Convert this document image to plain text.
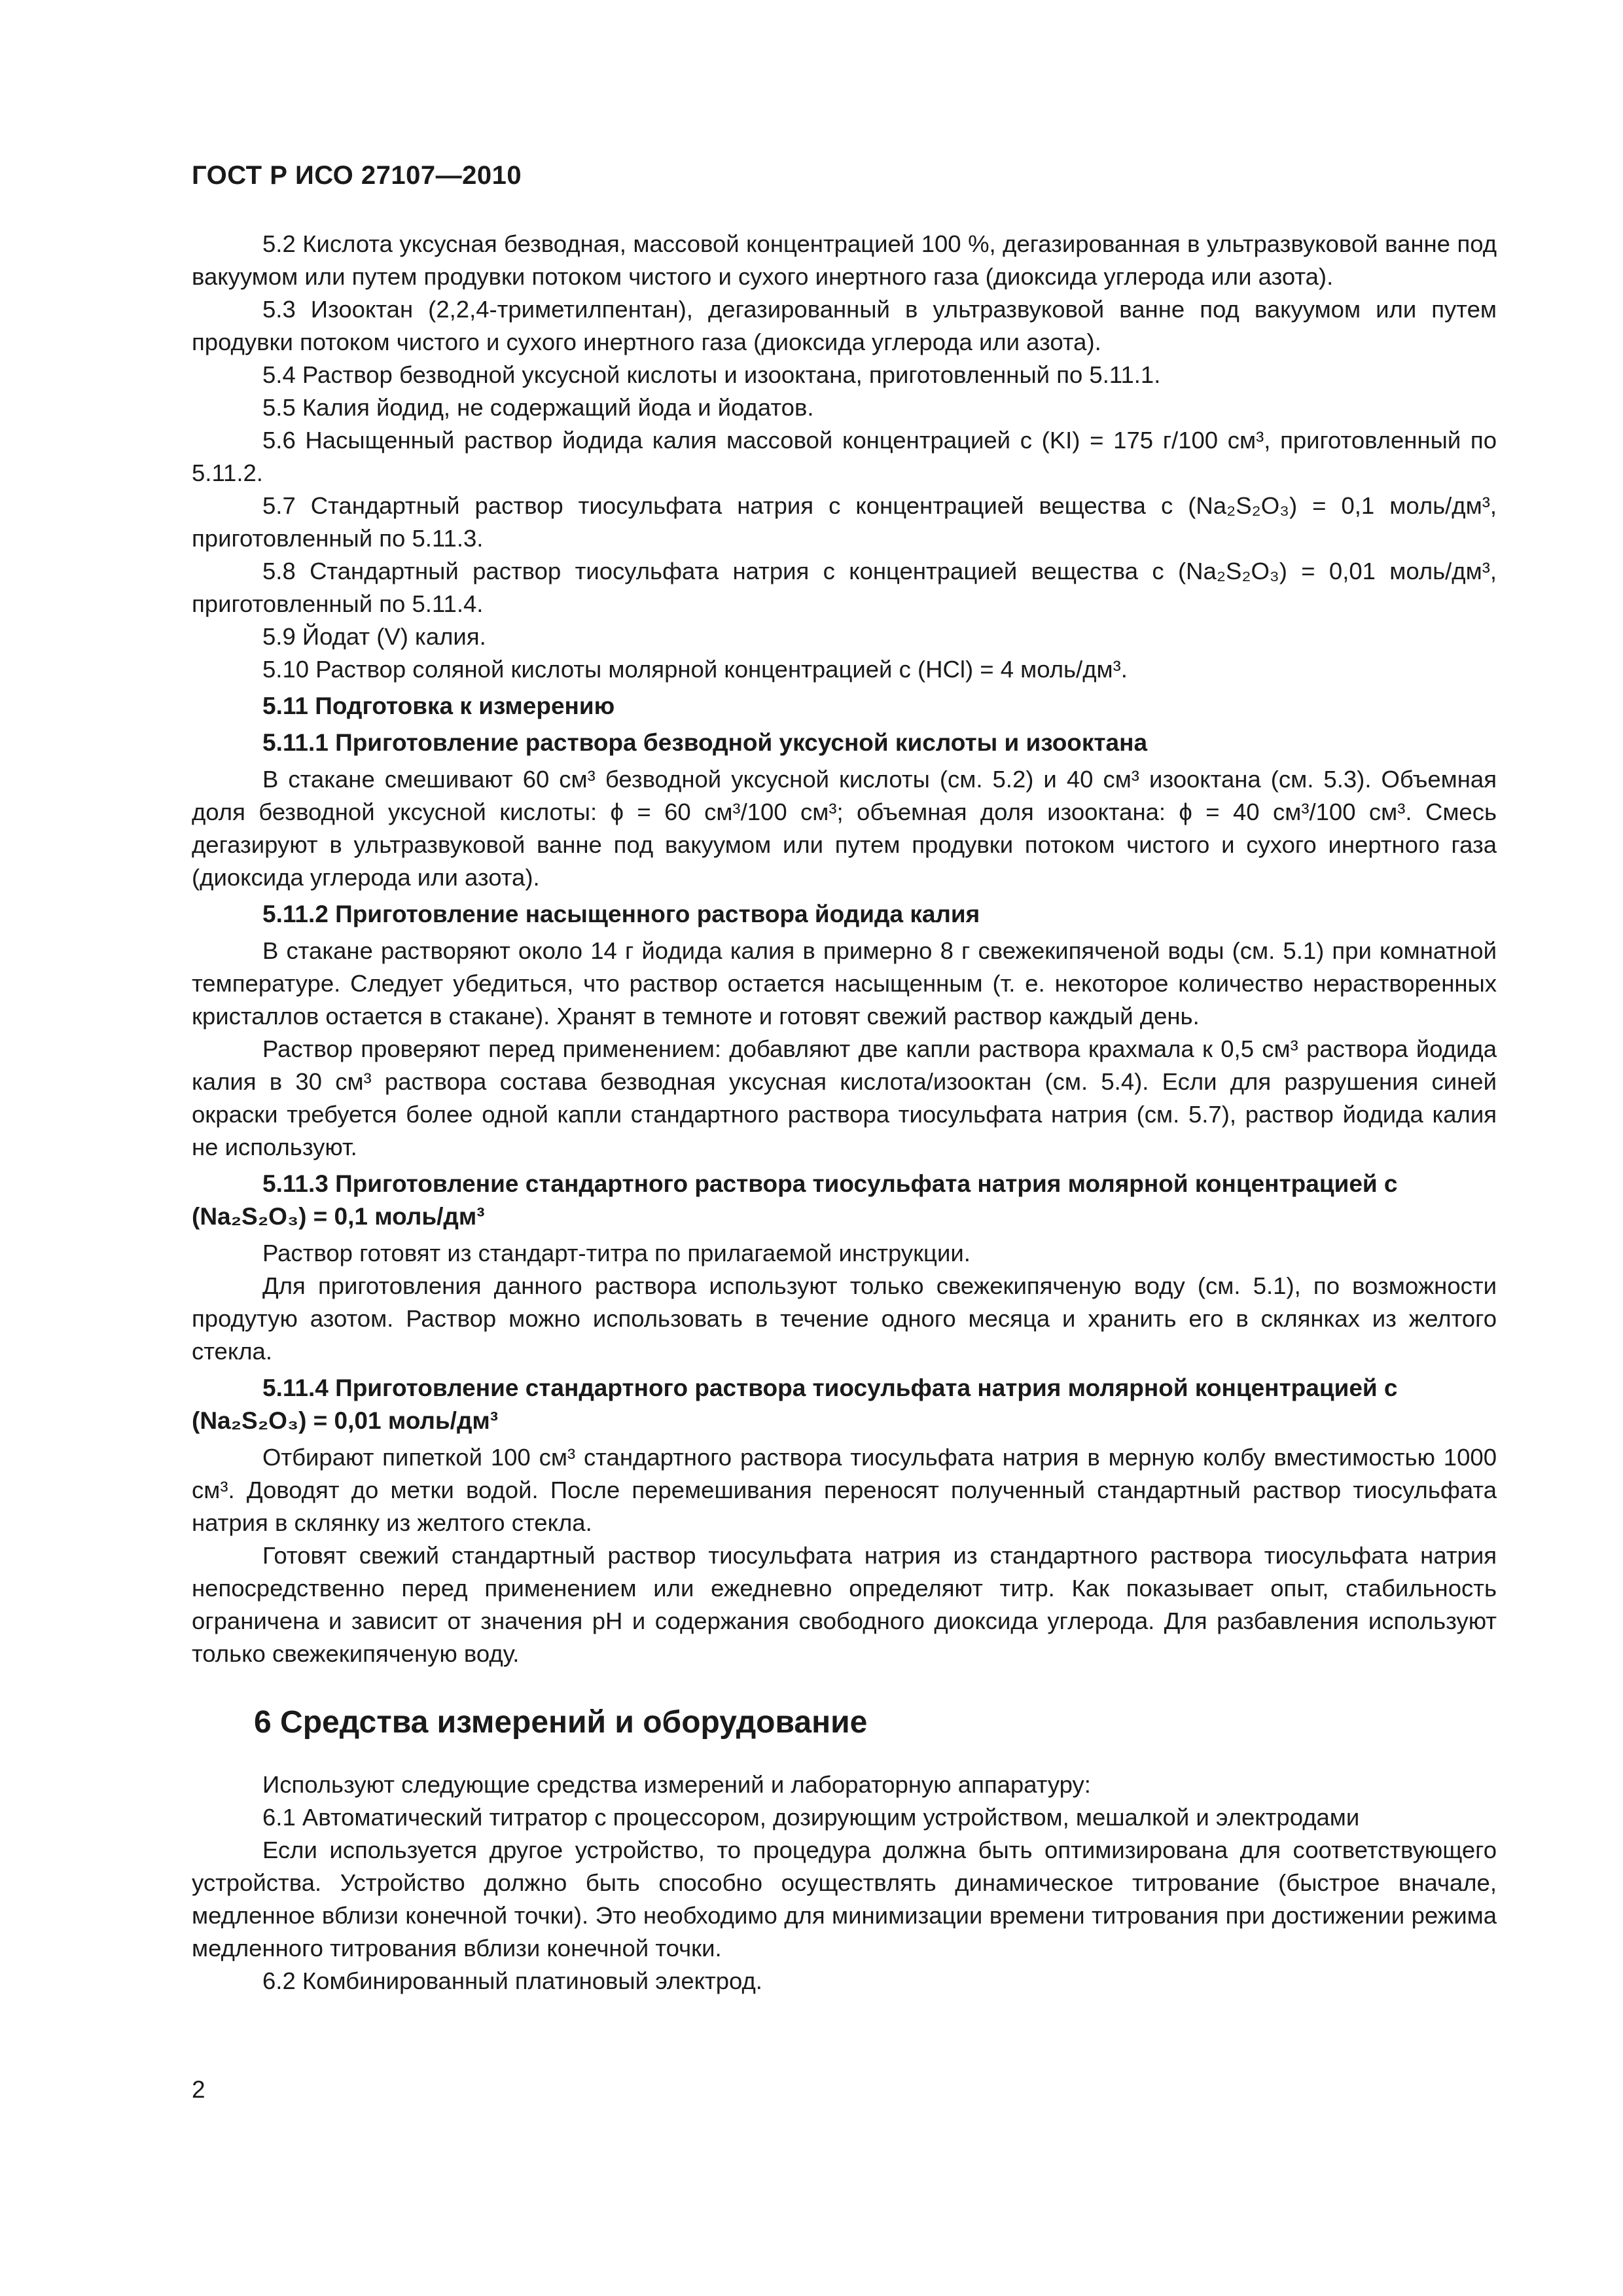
ГОСТ Р ИСО 27107—2010

5.2 Кислота уксусная безводная, массовой концентрацией 100 %, дегазированная в ультразвуковой ванне под вакуумом или путем продувки потоком чистого и сухого инертного газа (диоксида углерода или азота).

5.3 Изооктан (2,2,4-триметилпентан), дегазированный в ультразвуковой ванне под вакуумом или путем продувки потоком чистого и сухого инертного газа (диоксида углерода или азота).

5.4 Раствор безводной уксусной кислоты и изооктана, приготовленный по 5.11.1.

5.5 Калия йодид, не содержащий йода и йодатов.

5.6 Насыщенный раствор йодида калия массовой концентрацией c (KI) = 175 г/100 см³, приготовленный по 5.11.2.

5.7 Стандартный раствор тиосульфата натрия с концентрацией вещества c (Na₂S₂O₃) = 0,1 моль/дм³, приготовленный по 5.11.3.

5.8 Стандартный раствор тиосульфата натрия с концентрацией вещества c (Na₂S₂O₃) = 0,01 моль/дм³, приготовленный по 5.11.4.

5.9 Йодат (V) калия.

5.10 Раствор соляной кислоты молярной концентрацией c (HCl) = 4 моль/дм³.

5.11 Подготовка к измерению
5.11.1 Приготовление раствора безводной уксусной кислоты и изооктана

В стакане смешивают 60 см³ безводной уксусной кислоты (см. 5.2) и 40 см³ изооктана (см. 5.3). Объемная доля безводной уксусной кислоты: ϕ = 60 см³/100 см³; объемная доля изооктана: ϕ = 40 см³/100 см³. Смесь дегазируют в ультразвуковой ванне под вакуумом или путем продувки потоком чистого и сухого инертного газа (диоксида углерода или азота).

5.11.2 Приготовление насыщенного раствора йодида калия

В стакане растворяют около 14 г йодида калия в примерно 8 г свежекипяченой воды (см. 5.1) при комнатной температуре. Следует убедиться, что раствор остается насыщенным (т. е. некоторое количество нерастворенных кристаллов остается в стакане). Хранят в темноте и готовят свежий раствор каждый день.

Раствор проверяют перед применением: добавляют две капли раствора крахмала к 0,5 см³ раствора йодида калия в 30 см³ раствора состава безводная уксусная кислота/изооктан (см. 5.4). Если для разрушения синей окраски требуется более одной капли стандартного раствора тиосульфата натрия (см. 5.7), раствор йодида калия не используют.

5.11.3 Приготовление стандартного раствора тиосульфата натрия молярной концентрацией c (Na₂S₂O₃) = 0,1 моль/дм³

Раствор готовят из стандарт-титра по прилагаемой инструкции.

Для приготовления данного раствора используют только свежекипяченую воду (см. 5.1), по возможности продутую азотом. Раствор можно использовать в течение одного месяца и хранить его в склянках из желтого стекла.

5.11.4 Приготовление стандартного раствора тиосульфата натрия молярной концентрацией c (Na₂S₂O₃) = 0,01 моль/дм³

Отбирают пипеткой 100 см³ стандартного раствора тиосульфата натрия в мерную колбу вместимостью 1000 см³. Доводят до метки водой. После перемешивания переносят полученный стандартный раствор тиосульфата натрия в склянку из желтого стекла.

Готовят свежий стандартный раствор тиосульфата натрия из стандартного раствора тиосульфата натрия непосредственно перед применением или ежедневно определяют титр. Как показывает опыт, стабильность ограничена и зависит от значения pH и содержания свободного диоксида углерода. Для разбавления используют только свежекипяченую воду.

6 Средства измерений и оборудование

Используют следующие средства измерений и лабораторную аппаратуру:

6.1 Автоматический титратор с процессором, дозирующим устройством, мешалкой и электродами

Если используется другое устройство, то процедура должна быть оптимизирована для соответствующего устройства. Устройство должно быть способно осуществлять динамическое титрование (быстрое вначале, медленное вблизи конечной точки). Это необходимо для минимизации времени титрования при достижении режима медленного титрования вблизи конечной точки.

6.2 Комбинированный платиновый электрод.

2
